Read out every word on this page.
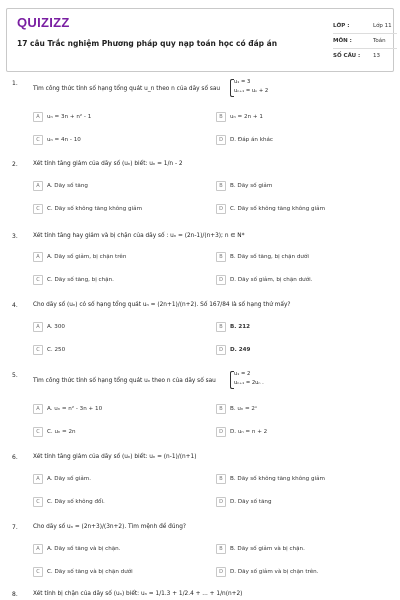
QUIZIZZ
17 câu Trắc nghiệm Phương pháp quy nạp toán học có đáp án
LỚP :	Lớp 11
MÔN :	Toán
SỐ CÂU : 13
1.
Tìm công thức tính số hạng tổng quát u_n theo n của dãy số sau
u₁ = 3
uₙ₊₁ = uₙ + 2
A uₙ = 3n + n² - 1	B uₙ = 2n + 1
C uₙ = 4n - 10	D D. Đáp án khác
2.	Xét tính tăng giảm của dãy số (uₙ) biết: uₙ = 1/n - 2
A A. Dãy số tăng	B B. Dãy số giảm
C C. Dãy số không tăng không giảm	D C. Dãy số không tăng không giảm
3.	Xét tính tăng hay giảm và bị chặn của dãy số : uₙ = (2n-1)/(n+3); n ∈ N*
A A. Dãy số giảm, bị chặn trên	B B. Dãy số tăng, bị chặn dưới
C C. Dãy số tăng, bị chặn.	D D. Dãy số giảm, bị chặn dưới.
4.	Cho dãy số (uₙ) có số hạng tổng quát uₙ = (2n+1)/(n+2). Số 167/84 là số hạng thứ mấy?
A A. 300	B B. 212
C C. 250	D D. 249
5.
Tìm công thức tính số hạng tổng quát uₙ theo n của dãy số sau
u₁ = 2
uₙ₊₁ = 2uₙ .
A A. uₙ = n² - 3n + 10	B B. uₙ = 2ⁿ
C C. uₙ = 2n	D D. uₙ = n + 2
6.	Xét tính tăng giảm của dãy số (uₙ) biết: uₙ = (n-1)/(n+1)
A A. Dãy số giảm.	B B. Dãy số không tăng không giảm
C C. Dãy số không đổi.	D D. Dãy số tăng
7.	Cho dãy số uₙ = (2n+3)/(3n+2). Tìm mệnh đề đúng?
A A. Dãy số tăng và bị chặn.	B B. Dãy số giảm và bị chặn.
C C. Dãy số tăng và bị chặn dưới	D D. Dãy số giảm và bị chặn trên.
8.	Xét tính bị chặn của dãy số (uₙ) biết: uₙ = 1/1.3 + 1/2.4 + ... + 1/n(n+2)
